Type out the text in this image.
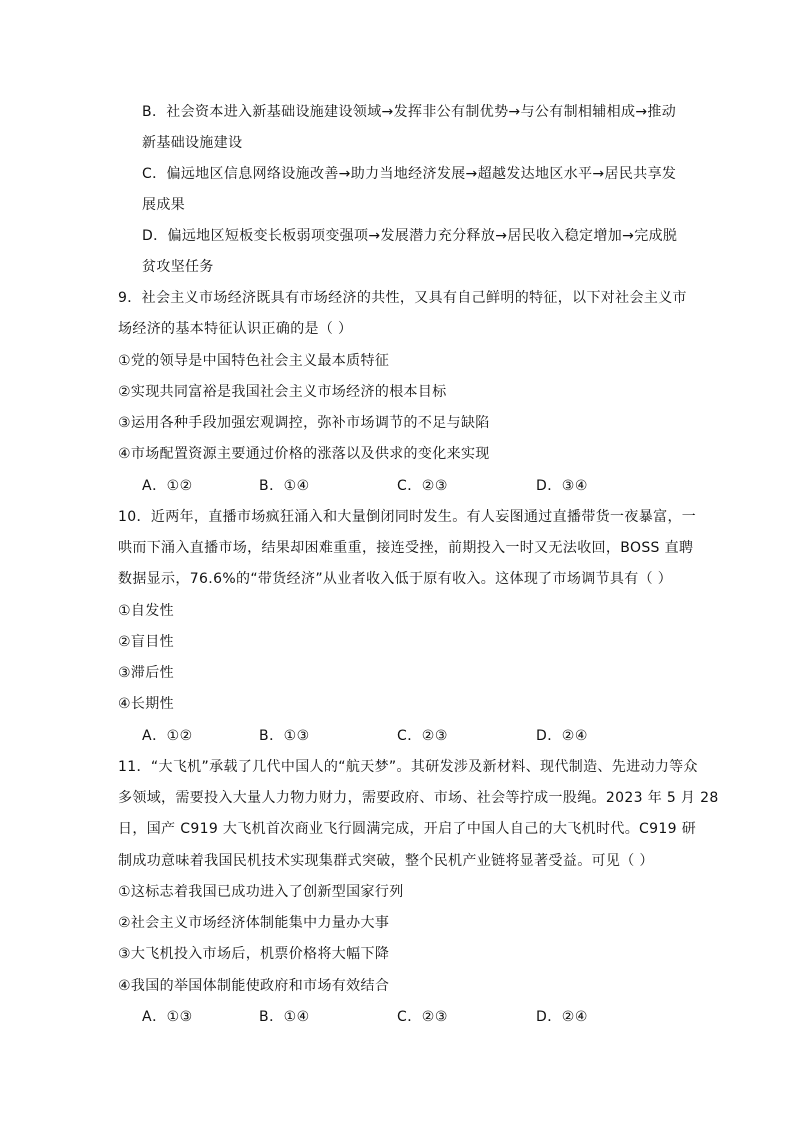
B．社会资本进入新基础设施建设领域→发挥非公有制优势→与公有制相辅相成→推动
新基础设施建设
C．偏远地区信息网络设施改善→助力当地经济发展→超越发达地区水平→居民共享发
展成果
D．偏远地区短板变长板弱项变强项→发展潜力充分释放→居民收入稳定增加→完成脱
贫攻坚任务
9．社会主义市场经济既具有市场经济的共性，又具有自己鲜明的特征，以下对社会主义市
场经济的基本特征认识正确的是（ ）
①党的领导是中国特色社会主义最本质特征
②实现共同富裕是我国社会主义市场经济的根本目标
③运用各种手段加强宏观调控，弥补市场调节的不足与缺陷
④市场配置资源主要通过价格的涨落以及供求的变化来实现
A．①②	B．①④	C．②③	D．③④
10．近两年，直播市场疯狂涌入和大量倒闭同时发生。有人妄图通过直播带货一夜暴富，一
哄而下涌入直播市场，结果却困难重重，接连受挫，前期投入一时又无法收回，BOSS 直聘
数据显示，76.6%的“带货经济”从业者收入低于原有收入。这体现了市场调节具有（ ）
①自发性
②盲目性
③滞后性
④长期性
A．①②	B．①③	C．②③	D．②④
11．“大飞机”承载了几代中国人的“航天梦”。其研发涉及新材料、现代制造、先进动力等众
多领域，需要投入大量人力物力财力，需要政府、市场、社会等拧成一股绳。2023 年 5 月 28
日，国产 C919 大飞机首次商业飞行圆满完成，开启了中国人自己的大飞机时代。C919 研
制成功意味着我国民机技术实现集群式突破，整个民机产业链将显著受益。可见（ ）
①这标志着我国已成功进入了创新型国家行列
②社会主义市场经济体制能集中力量办大事
③大飞机投入市场后，机票价格将大幅下降
④我国的举国体制能使政府和市场有效结合
A．①③	B．①④	C．②③	D．②④
